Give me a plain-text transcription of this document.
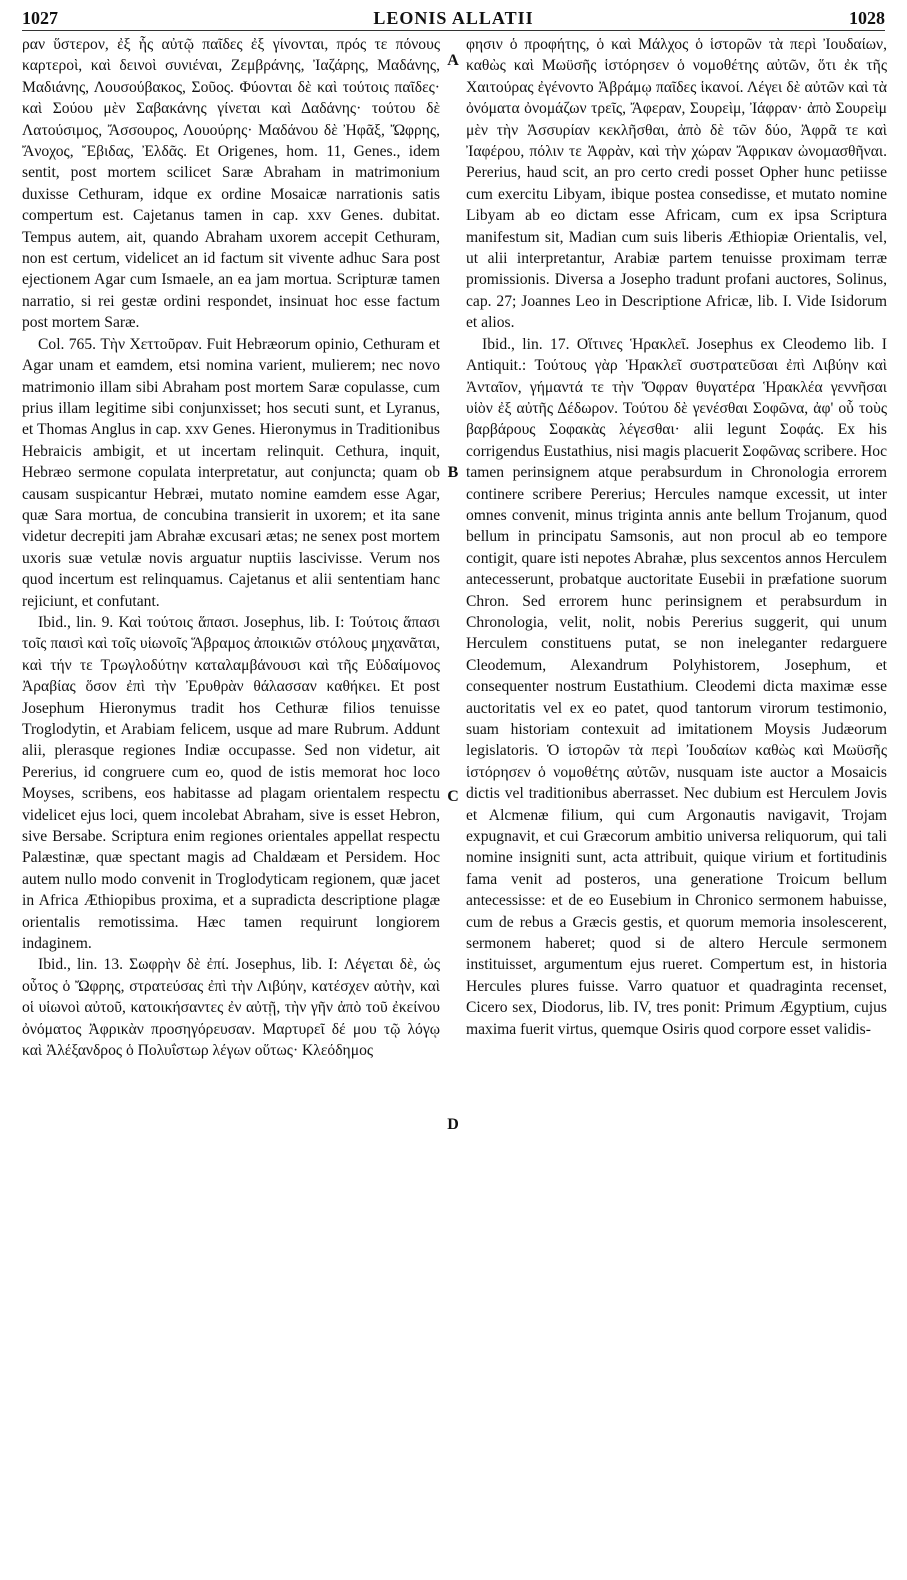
1027	LEONIS ALLATII	1028

ραν ὕστερον, ἐξ ἧς αὐτῷ παῖδες ἐξ γίνονται, πρός τε πόνους καρτεροὶ, καὶ δεινοὶ συνιέναι, Ζεμβράνης, Ἰαζάρης, Μαδάνης, Μαδιάνης, Λουσούβακος, Σοῦος. Φύονται δὲ καὶ τούτοις παῖδες· καὶ Σούου μὲν Σαβακάνης γίνεται καὶ Δαδάνης· τούτου δὲ Λατούσιμος, Ἄσσουρος, Λουούρης· Μαδάνου δὲ Ἠφᾶξ, Ὤφρης, Ἄνοχος, Ἔβιδας, Ἐλδᾶς. Et Origenes, hom. 11, Genes., idem sentit, post mortem scilicet Saræ Abraham in matrimonium duxisse Cethuram, idque ex ordine Mosaicæ narrationis satis compertum est. Cajetanus tamen in cap. xxv Genes. dubitat. Tempus autem, ait, quando Abraham uxorem accepit Cethuram, non est certum, videlicet an id factum sit vivente adhuc Sara post ejectionem Agar cum Ismaele, an ea jam mortua. Scripturæ tamen narratio, si rei gestæ ordini respondet, insinuat hoc esse factum post mortem Saræ.

Col. 765. Τὴν Χεττοῦραν. Fuit Hebræorum opinio, Cethuram et Agar unam et eamdem, etsi nomina varient, mulierem; nec novo matrimonio illam sibi Abraham post mortem Saræ copulasse, cum prius illam legitime sibi conjunxisset; hos secuti sunt, et Lyranus, et Thomas Anglus in cap. xxv Genes. Hieronymus in Traditionibus Hebraicis ambigit, et ut incertam relinquit. Cethura, inquit, Hebræo sermone copulata interpretatur, aut conjuncta; quam ob causam suspicantur Hebræi, mutato nomine eamdem esse Agar, quæ Sara mortua, de concubina transierit in uxorem; et ita sane videtur decrepiti jam Abrahæ excusari ætas; ne senex post mortem uxoris suæ vetulæ novis arguatur nuptiis lascivisse. Verum nos quod incertum est relinquamus. Cajetanus et alii sententiam hanc rejiciunt, et confutant.

Ibid., lin. 9. Καὶ τούτοις ἅπασι. Josephus, lib. I: Τούτοις ἅπασι τοῖς παισὶ καὶ τοῖς υἱωνοῖς Ἅβραμος ἀποικιῶν στόλους μηχανᾶται, καὶ τήν τε Τρωγλοδύτην καταλαμβάνουσι καὶ τῆς Εὐδαίμονος Ἀραβίας ὅσον ἐπὶ τὴν Ἐρυθρὰν θάλασσαν καθήκει. Et post Josephum Hieronymus tradit hos Cethuræ filios tenuisse Troglodytin, et Arabiam felicem, usque ad mare Rubrum. Addunt alii, plerasque regiones Indiæ occupasse. Sed non videtur, ait Pererius, id congruere cum eo, quod de istis memorat hoc loco Moyses, scribens, eos habitasse ad plagam orientalem respectu videlicet ejus loci, quem incolebat Abraham, sive is esset Hebron, sive Bersabe. Scriptura enim regiones orientales appellat respectu Palæstinæ, quæ spectant magis ad Chaldæam et Persidem. Hoc autem nullo modo convenit in Troglodyticam regionem, quæ jacet in Africa Æthiopibus proxima, et a supradicta descriptione plagæ orientalis remotissima. Hæc tamen requirunt longiorem indaginem.

Ibid., lin. 13. Σωφρὴν δὲ ἐπί. Josephus, lib. I: Λέγεται δὲ, ὡς οὗτος ὁ Ὤφρης, στρατεύσας ἐπὶ τὴν Λιβύην, κατέσχεν αὐτὴν, καὶ οἱ υἱωνοὶ αὐτοῦ, κατοικήσαντες ἐν αὐτῇ, τὴν γῆν ἀπὸ τοῦ ἐκείνου ὀνόματος Ἀφρικὰν προσηγόρευσαν. Μαρτυρεῖ δέ μου τῷ λόγῳ καὶ Ἀλέξανδρος ὁ Πολυΐστωρ λέγων οὕτως· Κλεόδημος

A
B
C
D

φησιν ὁ προφήτης, ὁ καὶ Μάλχος ὁ ἱστορῶν τὰ περὶ Ἰουδαίων, καθὼς καὶ Μωϋσῆς ἱστόρησεν ὁ νομοθέτης αὐτῶν, ὅτι ἐκ τῆς Χαιτούρας ἐγένοντο Ἀβράμῳ παῖδες ἱκανοί. Λέγει δὲ αὐτῶν καὶ τὰ ὀνόματα ὀνομάζων τρεῖς, Ἄφεραν, Σουρεὶμ, Ἰάφραν· ἀπὸ Σουρεὶμ μὲν τὴν Ἀσσυρίαν κεκλῆσθαι, ἀπὸ δὲ τῶν δύο, Ἀφρᾶ τε καὶ Ἰαφέρου, πόλιν τε Ἀφρὰν, καὶ τὴν χώραν Ἄφρικαν ὠνομασθῆναι. Pererius, haud scit, an pro certo credi posset Opher hunc petiisse cum exercitu Libyam, ibique postea consedisse, et mutato nomine Libyam ab eo dictam esse Africam, cum ex ipsa Scriptura manifestum sit, Madian cum suis liberis Æthiopiæ Orientalis, vel, ut alii interpretantur, Arabiæ partem tenuisse proximam terræ promissionis. Diversa a Josepho tradunt profani auctores, Solinus, cap. 27; Joannes Leo in Descriptione Africæ, lib. I. Vide Isidorum et alios.

Ibid., lin. 17. Οἵτινες Ἡρακλεῖ. Josephus ex Cleodemo lib. I Antiquit.: Τούτους γὰρ Ἡρακλεῖ συστρατεῦσαι ἐπὶ Λιβύην καὶ Ἀνταῖον, γήμαντά τε τὴν Ὄφραν θυγατέρα Ἡρακλέα γεννῆσαι υἱὸν ἐξ αὐτῆς Δέδωρον. Τούτου δὲ γενέσθαι Σοφῶνα, ἀφ' οὗ τοὺς βαρβάρους Σοφακὰς λέγεσθαι· alii legunt Σοφάς. Ex his corrigendus Eustathius, nisi magis placuerit Σοφῶνας scribere. Hoc tamen perinsignem atque perabsurdum in Chronologia errorem continere scribere Pererius; Hercules namque excessit, ut inter omnes convenit, minus triginta annis ante bellum Trojanum, quod bellum in principatu Samsonis, aut non procul ab eo tempore contigit, quare isti nepotes Abrahæ, plus sexcentos annos Herculem antecesserunt, probatque auctoritate Eusebii in præfatione suorum Chron. Sed errorem hunc perinsignem et perabsurdum in Chronologia, velit, nolit, nobis Pererius suggerit, qui unum Herculem constituens putat, se non ineleganter redarguere Cleodemum, Alexandrum Polyhistorem, Josephum, et consequenter nostrum Eustathium. Cleodemi dicta maximæ esse auctoritatis vel ex eo patet, quod tantorum virorum testimonio, suam historiam contexuit ad imitationem Moysis Judæorum legislatoris. Ὁ ἱστορῶν τὰ περὶ Ἰουδαίων καθὼς καὶ Μωϋσῆς ἱστόρησεν ὁ νομοθέτης αὐτῶν, nusquam iste auctor a Mosaicis dictis vel traditionibus aberrasset. Nec dubium est Herculem Jovis et Alcmenæ filium, qui cum Argonautis navigavit, Trojam expugnavit, et cui Græcorum ambitio universa reliquorum, qui tali nomine insigniti sunt, acta attribuit, quique virium et fortitudinis fama venit ad posteros, una generatione Troicum bellum antecessisse: et de eo Eusebium in Chronico sermonem habuisse, cum de rebus a Græcis gestis, et quorum memoria insolescerent, sermonem haberet; quod si de altero Hercule sermonem instituisset, argumentum ejus rueret. Compertum est, in historia Hercules plures fuisse. Varro quatuor et quadraginta recenset, Cicero sex, Diodorus, lib. IV, tres ponit: Primum Ægyptium, cujus maxima fuerit virtus, quemque Osiris quod corpore esset validis-
